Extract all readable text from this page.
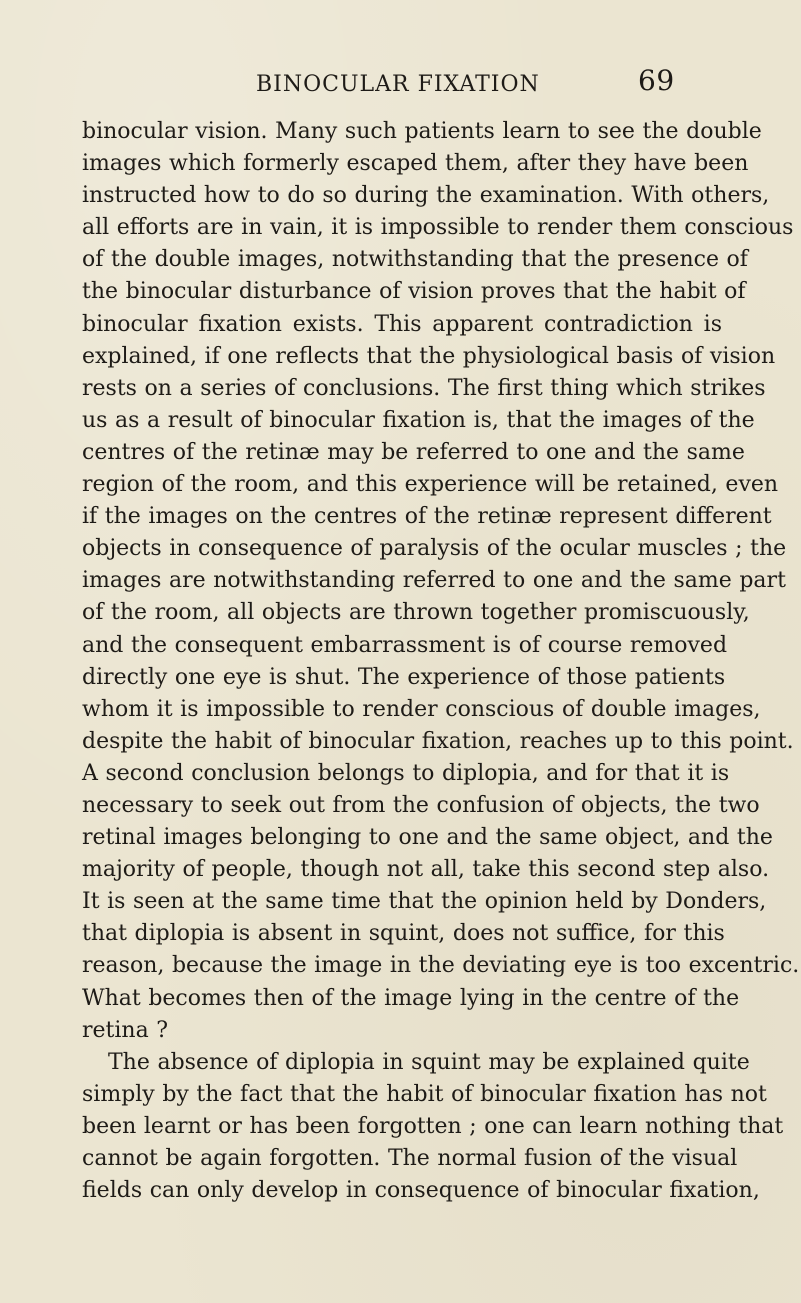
BINOCULAR FIXATION	69
binocular vision. Many such patients learn to see the double
images which formerly escaped them, after they have been
instructed how to do so during the examination. With others,
all efforts are in vain, it is impossible to render them conscious
of the double images, notwithstanding that the presence of
the binocular disturbance of vision proves that the habit of
binocular fixation exists. This apparent contradiction is
explained, if one reflects that the physiological basis of vision
rests on a series of conclusions. The first thing which strikes
us as a result of binocular fixation is, that the images of the
centres of the retinæ may be referred to one and the same
region of the room, and this experience will be retained, even
if the images on the centres of the retinæ represent different
objects in consequence of paralysis of the ocular muscles ; the
images are notwithstanding referred to one and the same part
of the room, all objects are thrown together promiscuously,
and the consequent embarrassment is of course removed
directly one eye is shut. The experience of those patients
whom it is impossible to render conscious of double images,
despite the habit of binocular fixation, reaches up to this point.
A second conclusion belongs to diplopia, and for that it is
necessary to seek out from the confusion of objects, the two
retinal images belonging to one and the same object, and the
majority of people, though not all, take this second step also.
It is seen at the same time that the opinion held by Donders,
that diplopia is absent in squint, does not suffice, for this
reason, because the image in the deviating eye is too excentric.
What becomes then of the image lying in the centre of the
retina ?
The absence of diplopia in squint may be explained quite
simply by the fact that the habit of binocular fixation has not
been learnt or has been forgotten ; one can learn nothing that
cannot be again forgotten. The normal fusion of the visual
fields can only develop in consequence of binocular fixation,
